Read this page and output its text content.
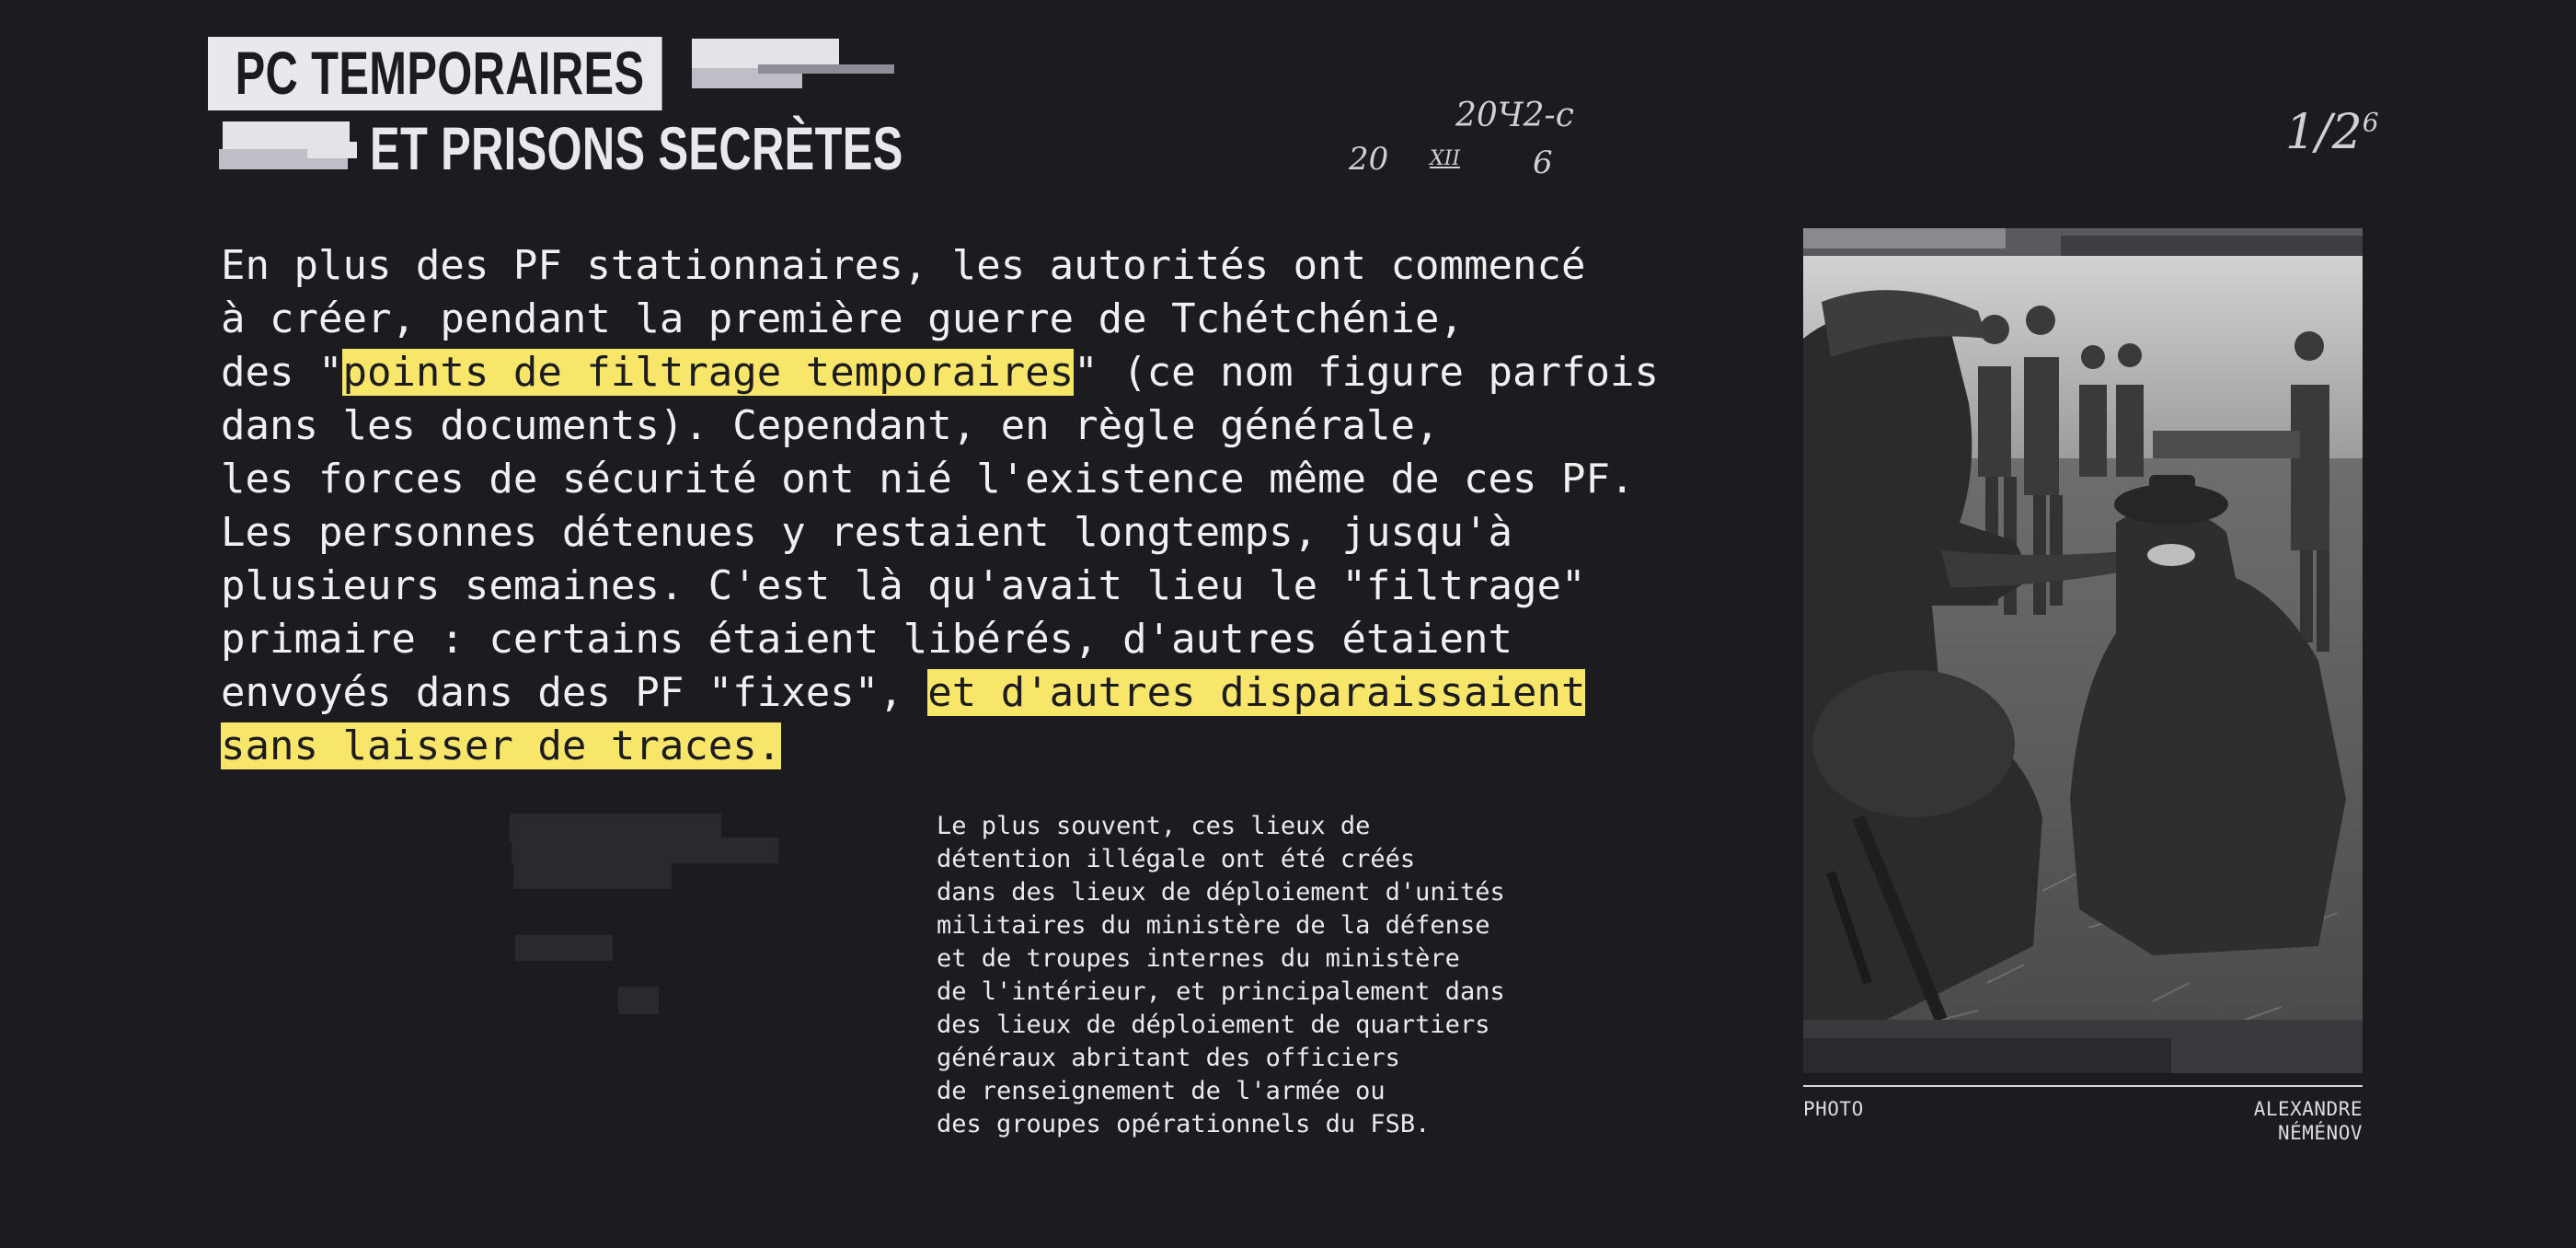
PC TEMPORAIRES
ET PRISONS SECRÈTES	20Ч2-с
20 XII 6
$1/2^6$
En plus des PF stationnaires, les autorités ont commencé
à créer, pendant la première guerre de Tchétchénie,
des "points de filtrage temporaires" (ce nom figure parfois
dans les documents). Cependant, en règle générale,
les forces de sécurité ont nié l'existence même de ces PF.
Les personnes détenues y restaient longtemps, jusqu'à
plusieurs semaines. C'est là qu'avait lieu le "filtrage"
primaire : certains étaient libérés, d'autres étaient
envoyés dans des PF "fixes", et d'autres disparaissaient
sans laisser de traces.
Le plus souvent, ces lieux de
détention illégale ont été créés
dans des lieux de déploiement d'unités
militaires du ministère de la défense
et de troupes internes du ministère
de l'intérieur, et principalement dans
des lieux de déploiement de quartiers
généraux abritant des officiers
de renseignement de l'armée ou
des groupes opérationnels du FSB.
PHOTO	ALEXANDRE
NÉMÉNOV
